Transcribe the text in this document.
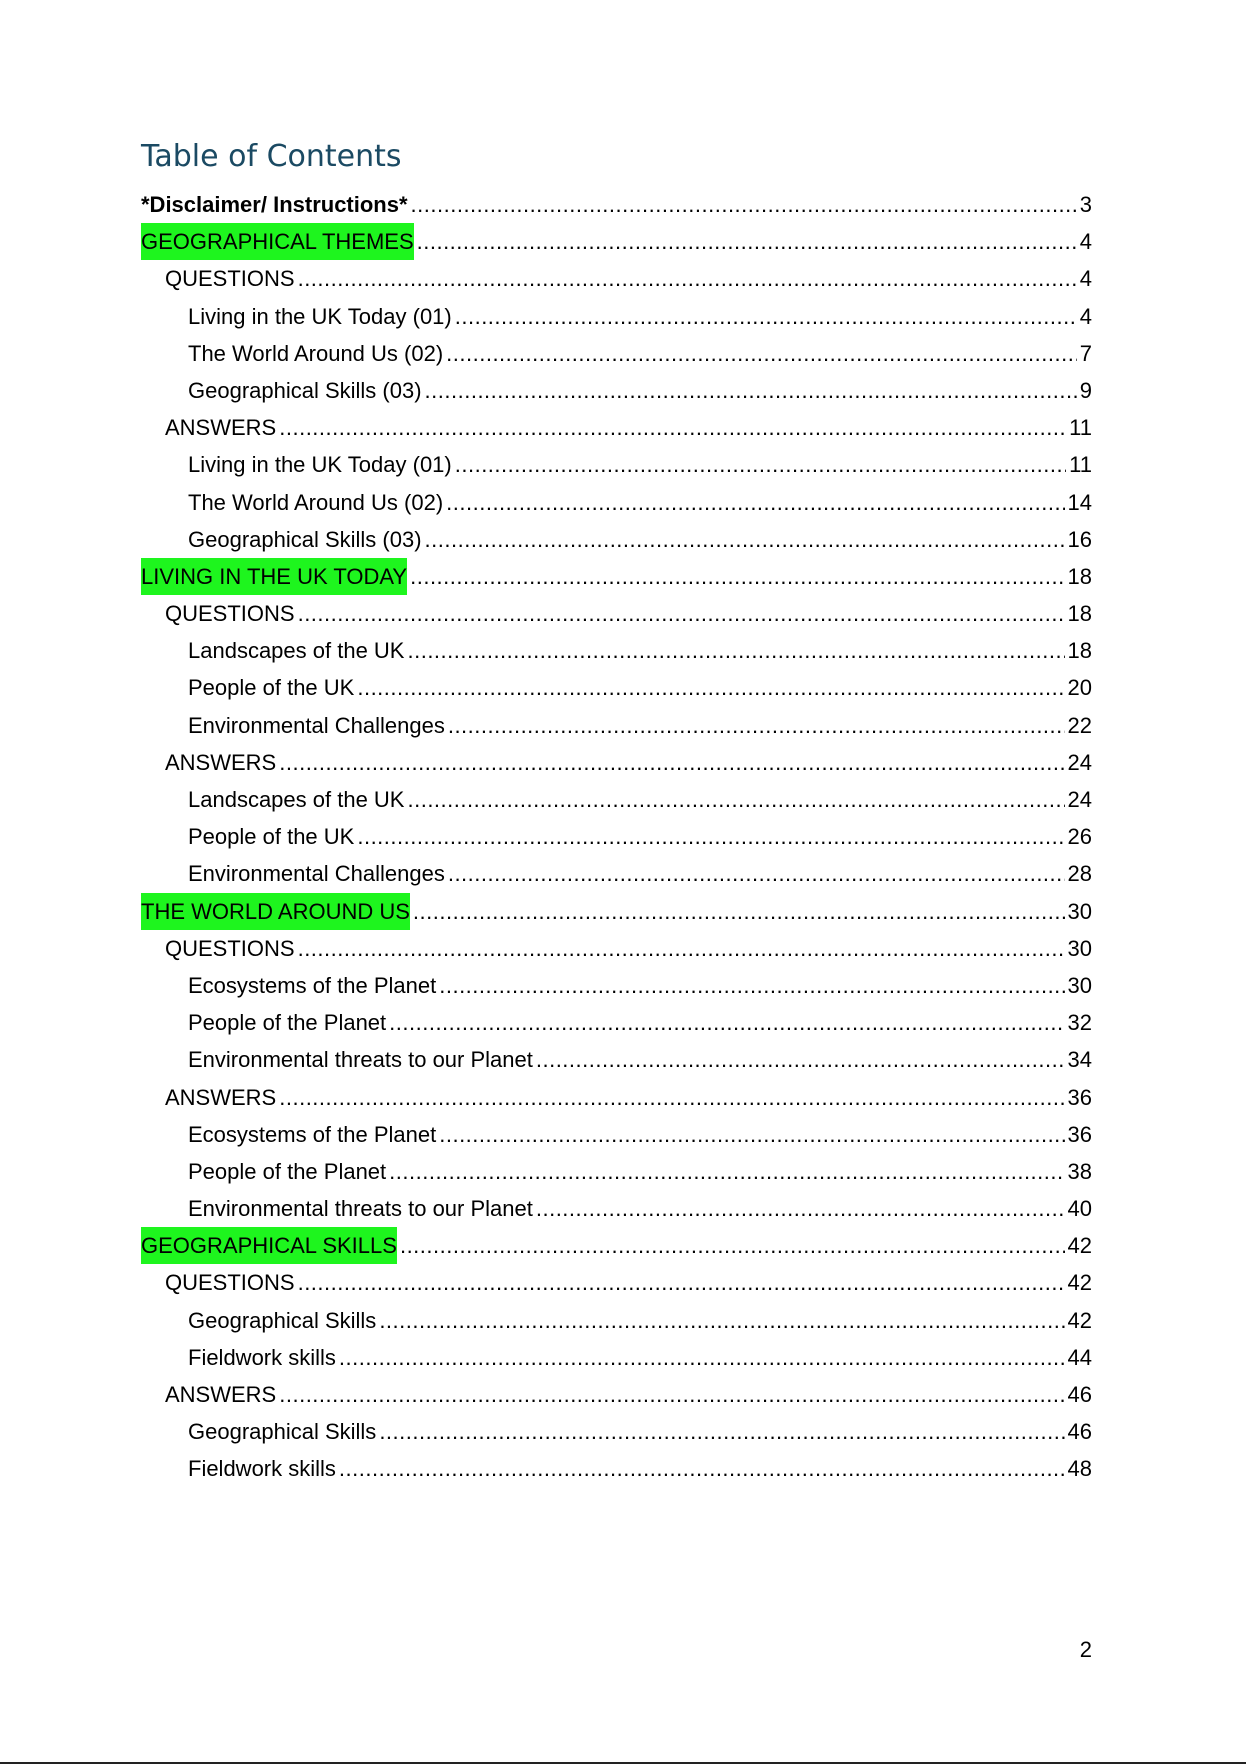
Table of Contents
*Disclaimer/ Instructions* .....	3
GEOGRAPHICAL THEMES .....	4
QUESTIONS .....	4
Living in the UK Today (01) .....	4
The World Around Us (02) .....	7
Geographical Skills (03) .....	9
ANSWERS .....	11
Living in the UK Today (01) .....	11
The World Around Us (02) .....	14
Geographical Skills (03) .....	16
LIVING IN THE UK TODAY .....	18
QUESTIONS .....	18
Landscapes of the UK .....	18
People of the UK .....	20
Environmental Challenges .....	22
ANSWERS .....	24
Landscapes of the UK .....	24
People of the UK .....	26
Environmental Challenges .....	28
THE WORLD AROUND US .....	30
QUESTIONS .....	30
Ecosystems of the Planet .....	30
People of the Planet .....	32
Environmental threats to our Planet .....	34
ANSWERS .....	36
Ecosystems of the Planet .....	36
People of the Planet .....	38
Environmental threats to our Planet .....	40
GEOGRAPHICAL SKILLS .....	42
QUESTIONS .....	42
Geographical Skills .....	42
Fieldwork skills .....	44
ANSWERS .....	46
Geographical Skills .....	46
Fieldwork skills .....	48
2
